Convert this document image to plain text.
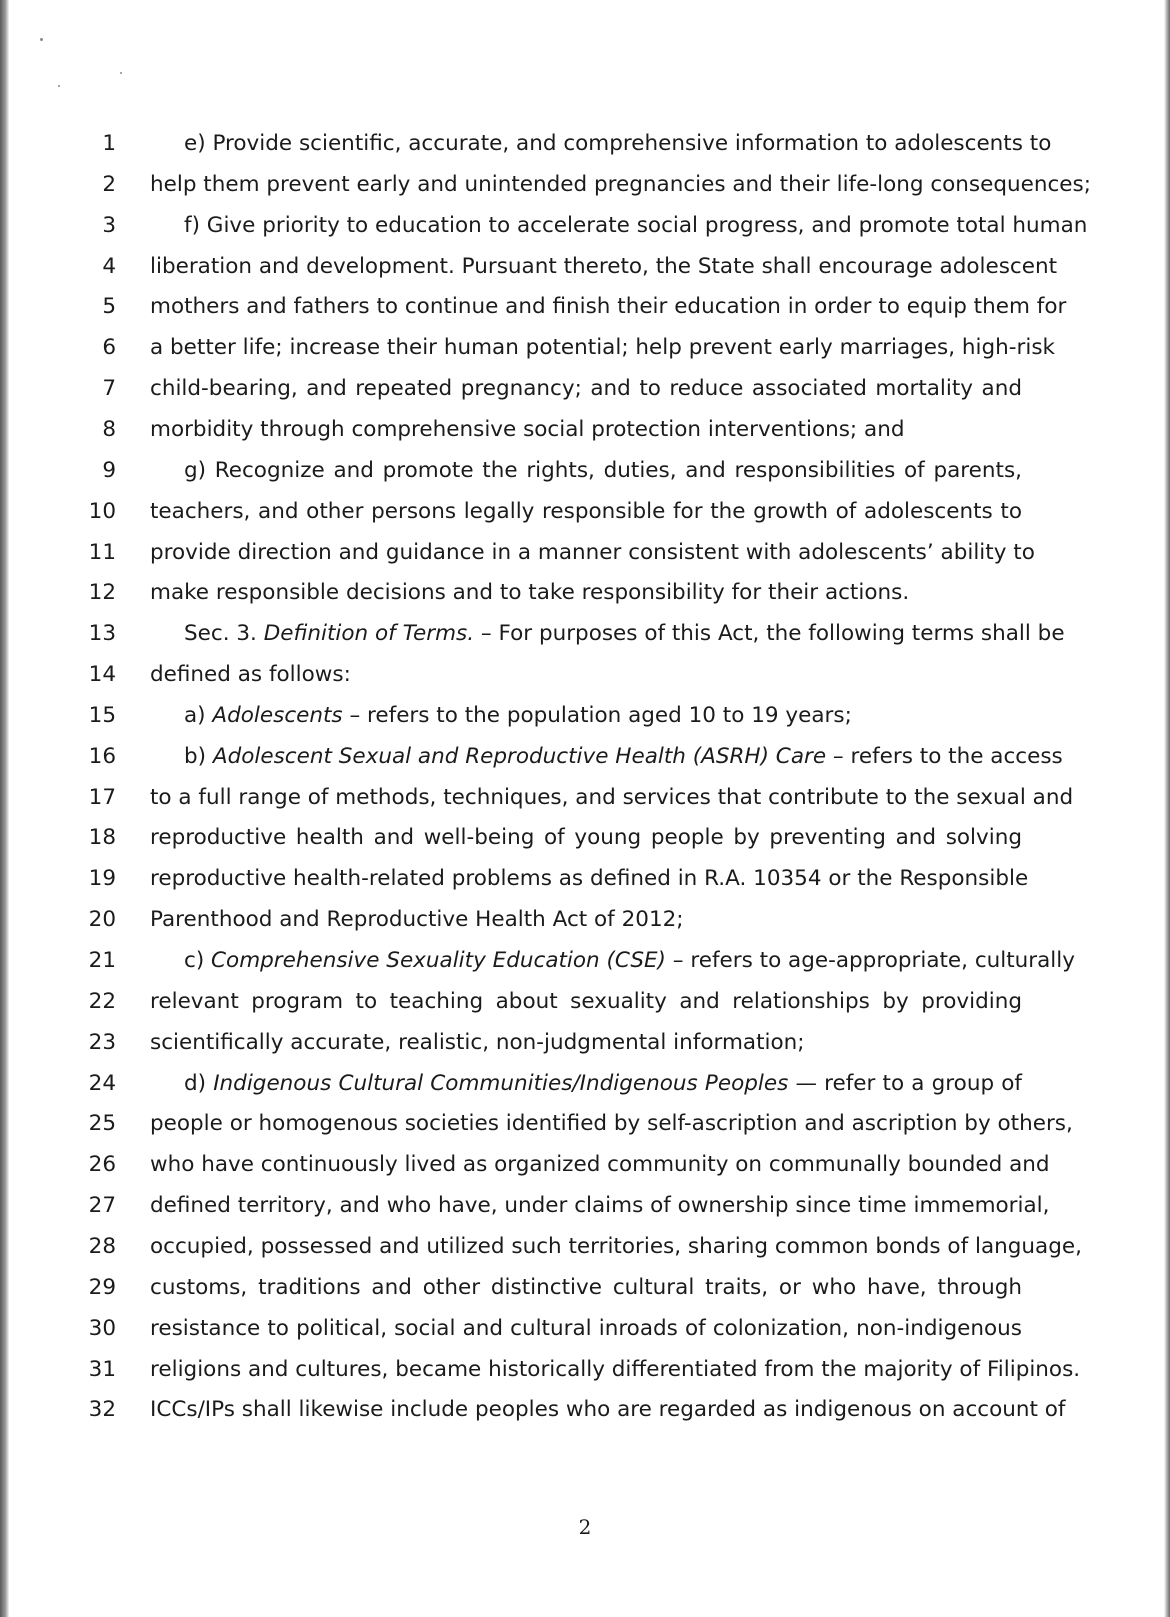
1	e) Provide scientific, accurate, and comprehensive information to adolescents to
2 help them prevent early and unintended pregnancies and their life-long consequences;
3	f) Give priority to education to accelerate social progress, and promote total human
4 liberation and development. Pursuant thereto, the State shall encourage adolescent
5 mothers and fathers to continue and finish their education in order to equip them for
6 a better life; increase their human potential; help prevent early marriages, high-risk
7 child-bearing, and repeated pregnancy; and to reduce associated mortality and
8 morbidity through comprehensive social protection interventions; and
9	g) Recognize and promote the rights, duties, and responsibilities of parents,
10 teachers, and other persons legally responsible for the growth of adolescents to
11 provide direction and guidance in a manner consistent with adolescents’ ability to
12 make responsible decisions and to take responsibility for their actions.
13	Sec. 3. Definition of Terms. – For purposes of this Act, the following terms shall be
14 defined as follows:
15	a) Adolescents – refers to the population aged 10 to 19 years;
16	b) Adolescent Sexual and Reproductive Health (ASRH) Care – refers to the access
17 to a full range of methods, techniques, and services that contribute to the sexual and
18 reproductive health and well-being of young people by preventing and solving
19 reproductive health-related problems as defined in R.A. 10354 or the Responsible
20 Parenthood and Reproductive Health Act of 2012;
21	c) Comprehensive Sexuality Education (CSE) – refers to age-appropriate, culturally
22 relevant program to teaching about sexuality and relationships by providing
23 scientifically accurate, realistic, non-judgmental information;
24	d) Indigenous Cultural Communities/Indigenous Peoples — refer to a group of
25 people or homogenous societies identified by self-ascription and ascription by others,
26 who have continuously lived as organized community on communally bounded and
27 defined territory, and who have, under claims of ownership since time immemorial,
28 occupied, possessed and utilized such territories, sharing common bonds of language,
29 customs, traditions and other distinctive cultural traits, or who have, through
30 resistance to political, social and cultural inroads of colonization, non-indigenous
31 religions and cultures, became historically differentiated from the majority of Filipinos.
32 ICCs/IPs shall likewise include peoples who are regarded as indigenous on account of
2
